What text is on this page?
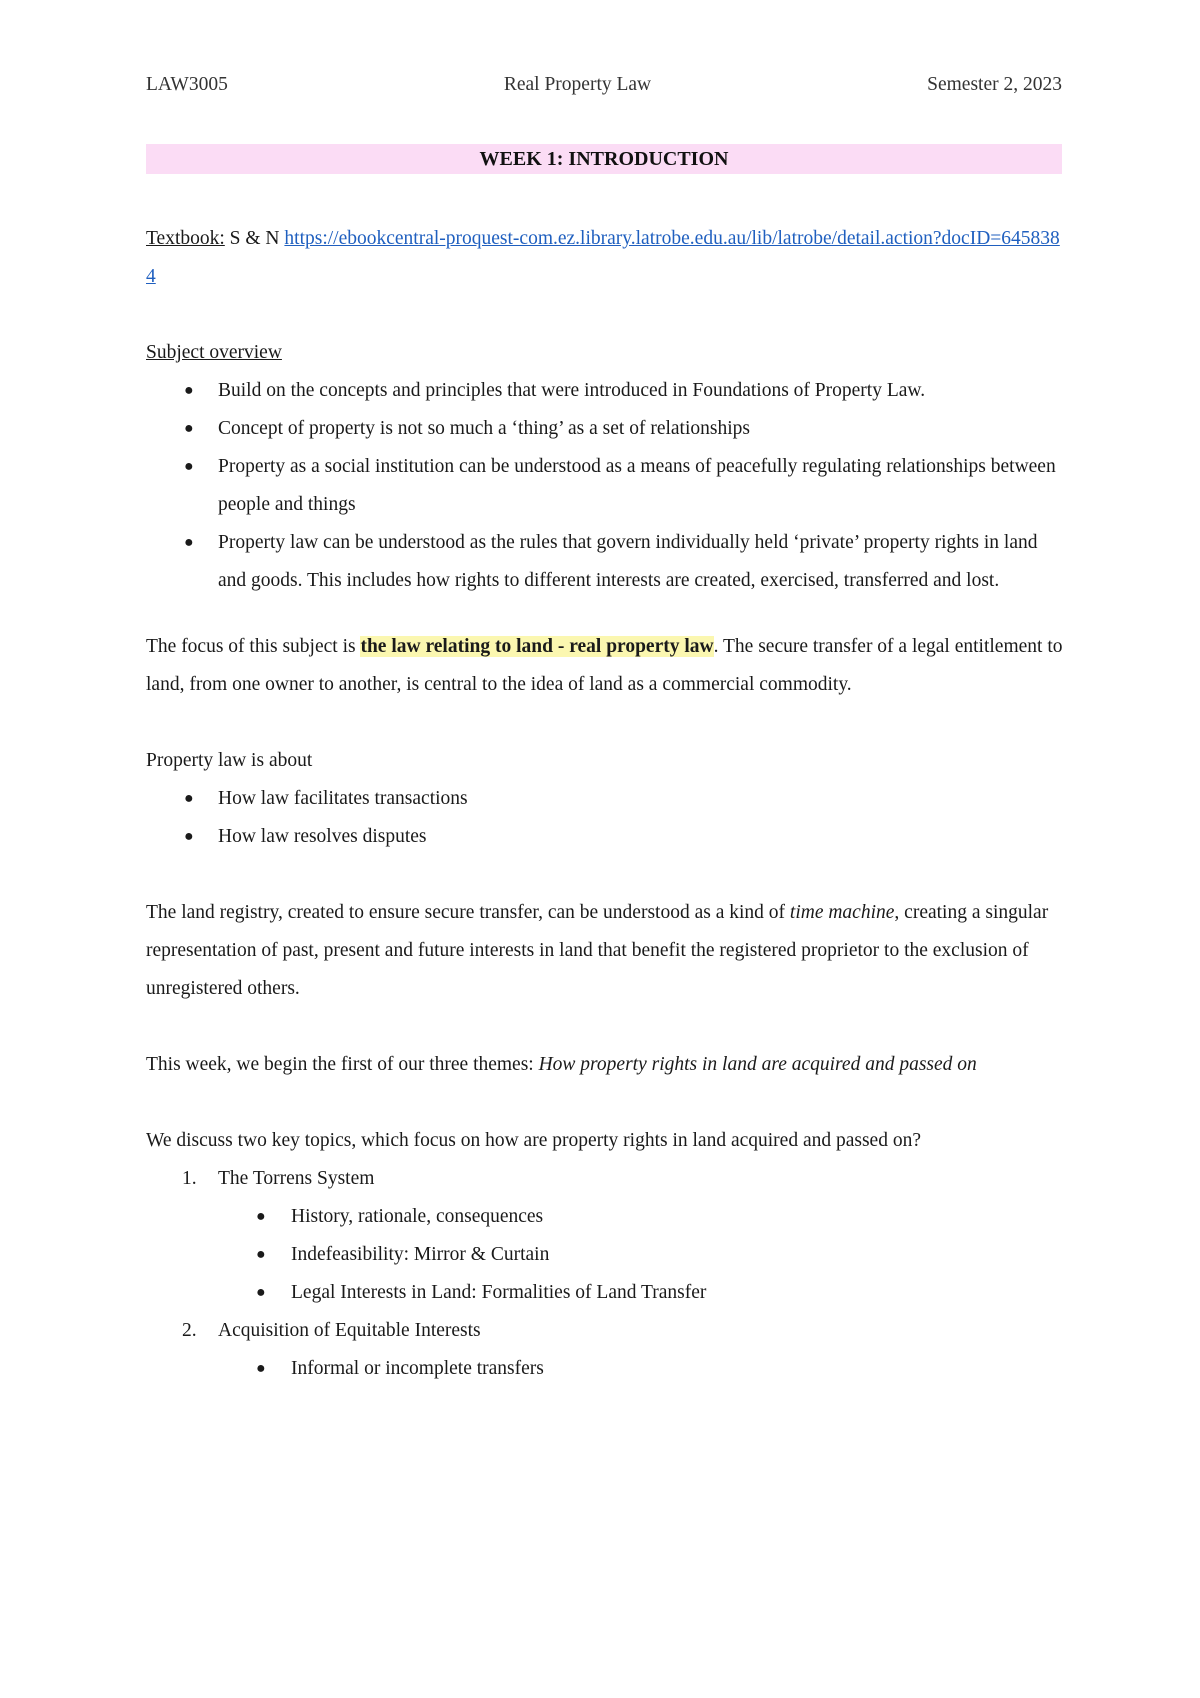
LAW3005	Real Property Law	Semester 2, 2023
WEEK 1: INTRODUCTION

Textbook: S & N https://ebookcentral-proquest-com.ez.library.latrobe.edu.au/lib/latrobe/detail.action?docID=6458384

Subject overview

● Build on the concepts and principles that were introduced in Foundations of Property Law.
● Concept of property is not so much a ‘thing’ as a set of relationships
● Property as a social institution can be understood as a means of peacefully regulating relationships between people and things
● Property law can be understood as the rules that govern individually held ‘private’ property rights in land and goods. This includes how rights to different interests are created, exercised, transferred and lost.

The focus of this subject is the law relating to land - real property law. The secure transfer of a legal entitlement to land, from one owner to another, is central to the idea of land as a commercial commodity.

Property law is about

● How law facilitates transactions
● How law resolves disputes

The land registry, created to ensure secure transfer, can be understood as a kind of time machine, creating a singular representation of past, present and future interests in land that benefit the registered proprietor to the exclusion of unregistered others.

This week, we begin the first of our three themes: How property rights in land are acquired and passed on

We discuss two key topics, which focus on how are property rights in land acquired and passed on?

1. The Torrens System
● History, rationale, consequences
● Indefeasibility: Mirror & Curtain
● Legal Interests in Land: Formalities of Land Transfer
2. Acquisition of Equitable Interests
● Informal or incomplete transfers
